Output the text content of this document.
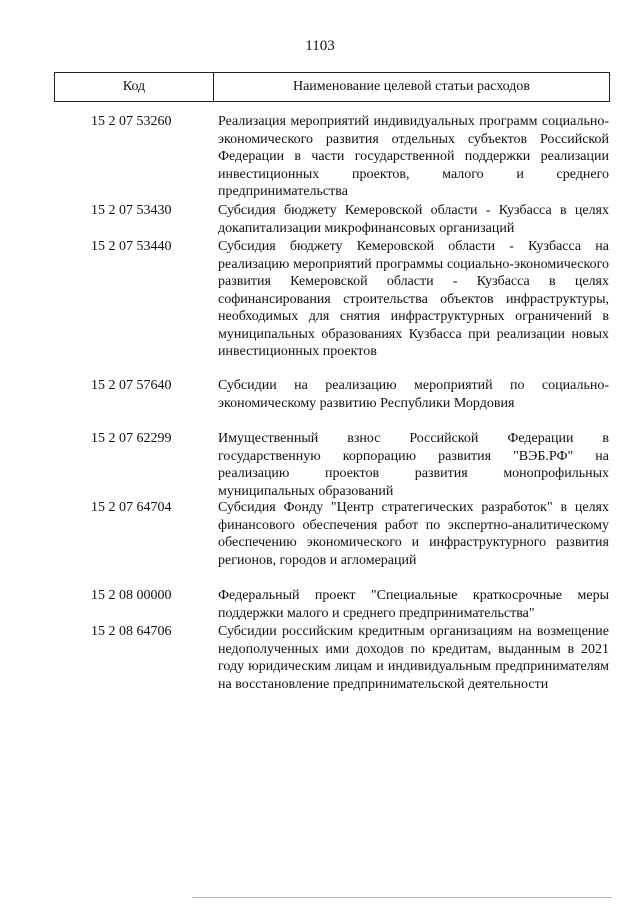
1103
Код	Наименование целевой статьи расходов
15 2 07 53260	Реализация мероприятий индивидуальных программ социально-экономического развития отдельных субъектов Российской Федерации в части государственной поддержки реализации инвестиционных проектов, малого и среднего предпринимательства
15 2 07 53430	Субсидия бюджету Кемеровской области - Кузбасса в целях докапитализации микрофинансовых организаций
15 2 07 53440	Субсидия бюджету Кемеровской области - Кузбасса на реализацию мероприятий программы социально-экономического развития Кемеровской области - Кузбасса в целях софинансирования строительства объектов инфраструктуры, необходимых для снятия инфраструктурных ограничений в муниципальных образованиях Кузбасса при реализации новых инвестиционных проектов
15 2 07 57640	Субсидии на реализацию мероприятий по социально-экономическому развитию Республики Мордовия
15 2 07 62299	Имущественный взнос Российской Федерации в государственную корпорацию развития "ВЭБ.РФ" на реализацию проектов развития монопрофильных муниципальных образований
15 2 07 64704	Субсидия Фонду "Центр стратегических разработок" в целях финансового обеспечения работ по экспертно-аналитическому обеспечению экономического и инфраструктурного развития регионов, городов и агломераций
15 2 08 00000	Федеральный проект "Специальные краткосрочные меры поддержки малого и среднего предпринимательства"
15 2 08 64706	Субсидии российским кредитным организациям на возмещение недополученных ими доходов по кредитам, выданным в 2021 году юридическим лицам и индивидуальным предпринимателям на восстановление предпринимательской деятельности
